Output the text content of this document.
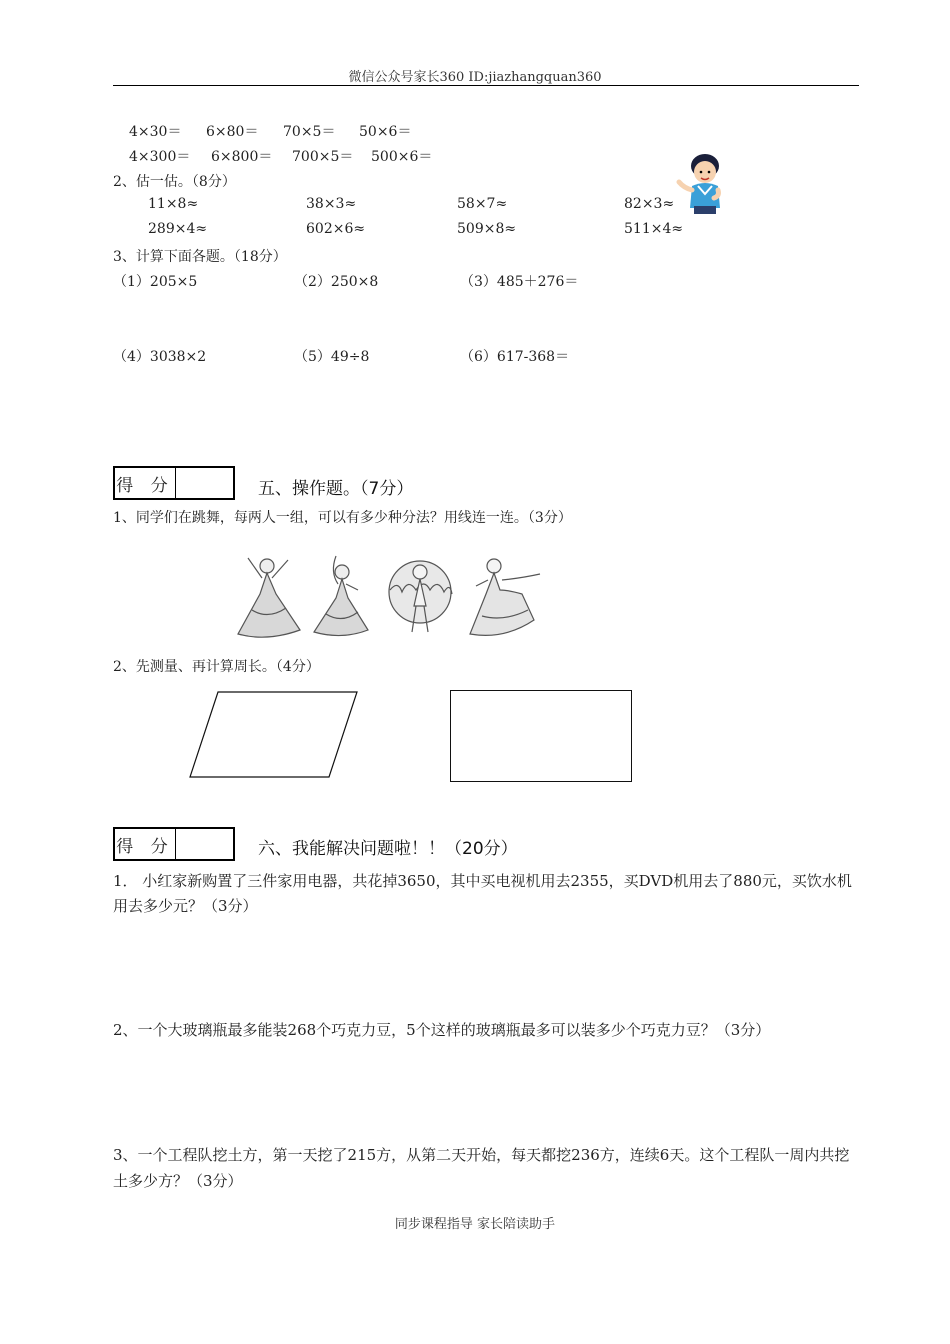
微信公众号家长360 ID:jiazhangquan360
4×30＝ 6×80＝ 70×5＝ 50×6＝
4×300＝ 6×800＝ 700×5＝ 500×6＝
2、估一估。（8分）
11×8≈	38×3≈	58×7≈	82×3≈
289×4≈	602×6≈	509×8≈	511×4≈
3、计算下面各题。（18分）
（1）205×5	（2）250×8	（3）485＋276＝
（4）3038×2	（5）49÷8	（6）617-368＝
得 分	五、操作题。（7分）
1、同学们在跳舞，每两人一组，可以有多少种分法？用线连一连。（3分）
2、先测量、再计算周长。（4分）
得 分	六、我能解决问题啦！！（20分）
1． 小红家新购置了三件家用电器，共花掉3650，其中买电视机用去2355，买DVD机用去了880元，买饮水机用去多少元？（3分）
2、一个大玻璃瓶最多能装268个巧克力豆，5个这样的玻璃瓶最多可以装多少个巧克力豆？（3分）
3、一个工程队挖土方，第一天挖了215方，从第二天开始，每天都挖236方，连续6天。这个工程队一周内共挖土多少方？（3分）
同步课程指导 家长陪读助手
